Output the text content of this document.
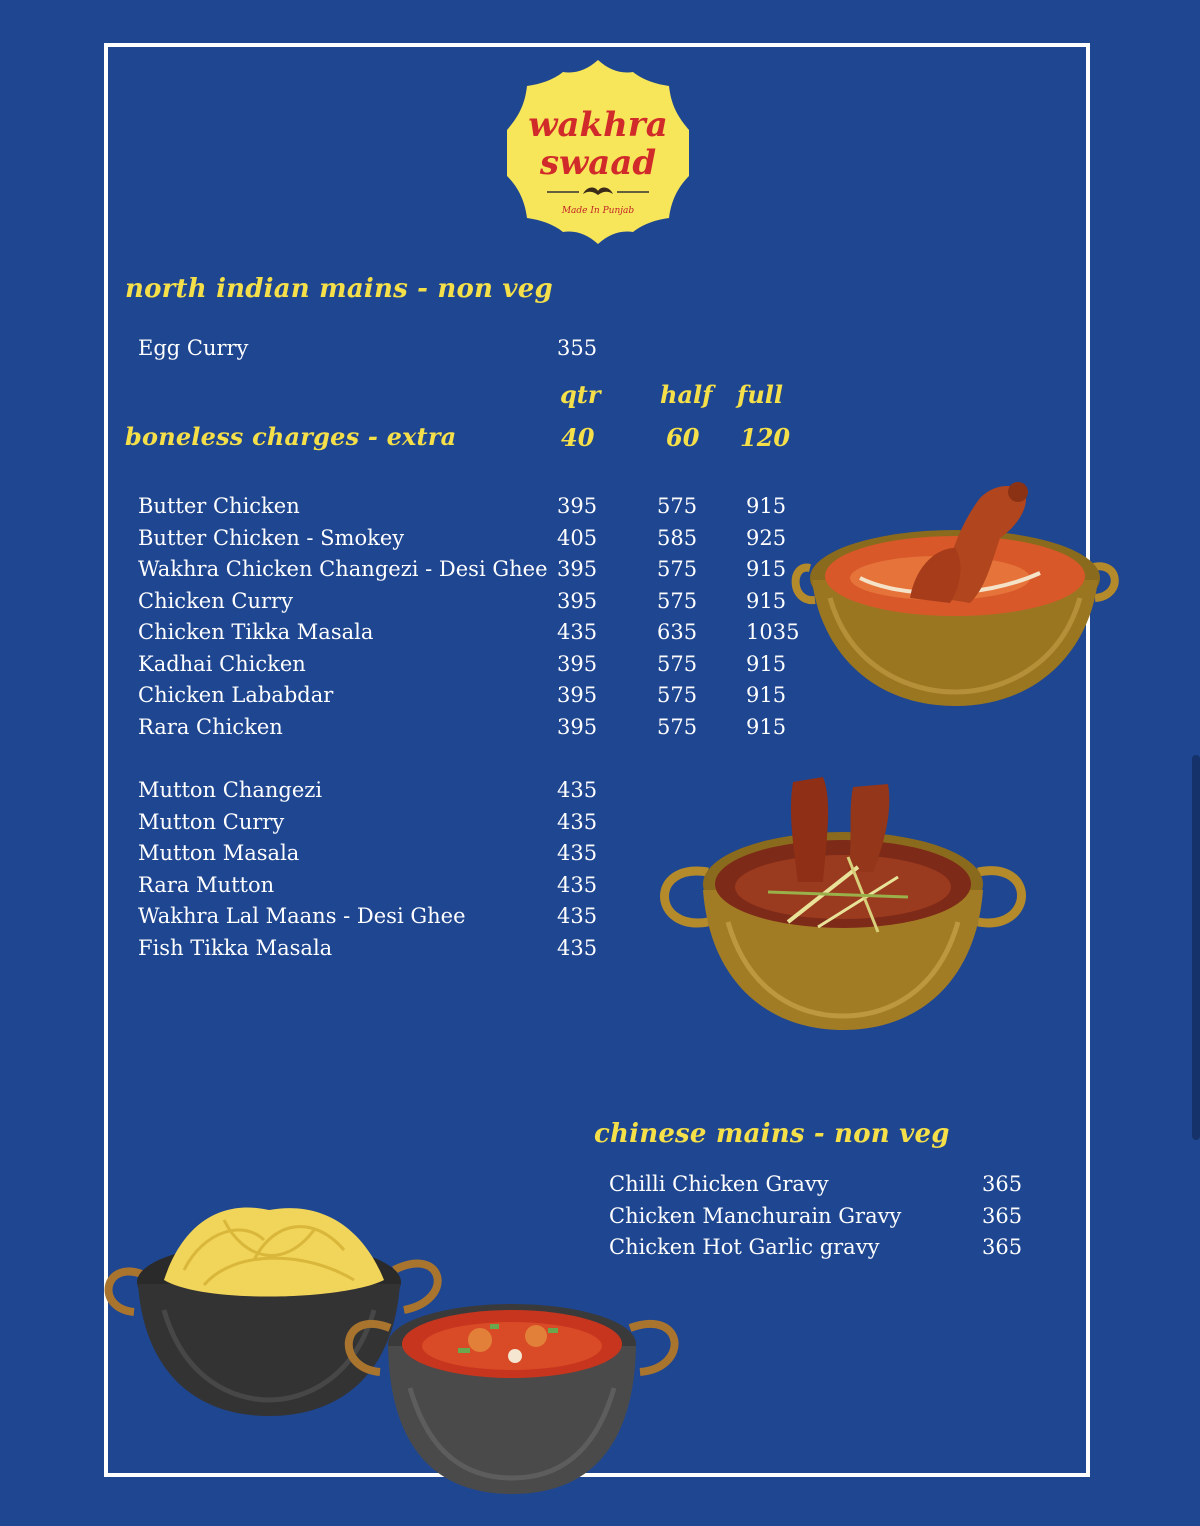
wakhra
swaad
Made In Punjab
north indian mains - non veg
Egg Curry	355
qtr half full
boneless charges - extra	40	60 120
Butter Chicken	395	575 915
Butter Chicken - Smokey	405	585 925
Wakhra Chicken Changezi - Desi Ghee 395	575 915
Chicken Curry	395	575 915
Chicken Tikka Masala	435	635 1035
Kadhai Chicken	395	575 915
Chicken Lababdar	395	575 915
Rara Chicken	395	575 915
Mutton Changezi	435
Mutton Curry	435
Mutton Masala	435
Rara Mutton	435
Wakhra Lal Maans - Desi Ghee	435
Fish Tikka Masala	435
chinese mains - non veg
Chilli Chicken Gravy	365
Chicken Manchurain Gravy	365
Chicken Hot Garlic gravy	365
